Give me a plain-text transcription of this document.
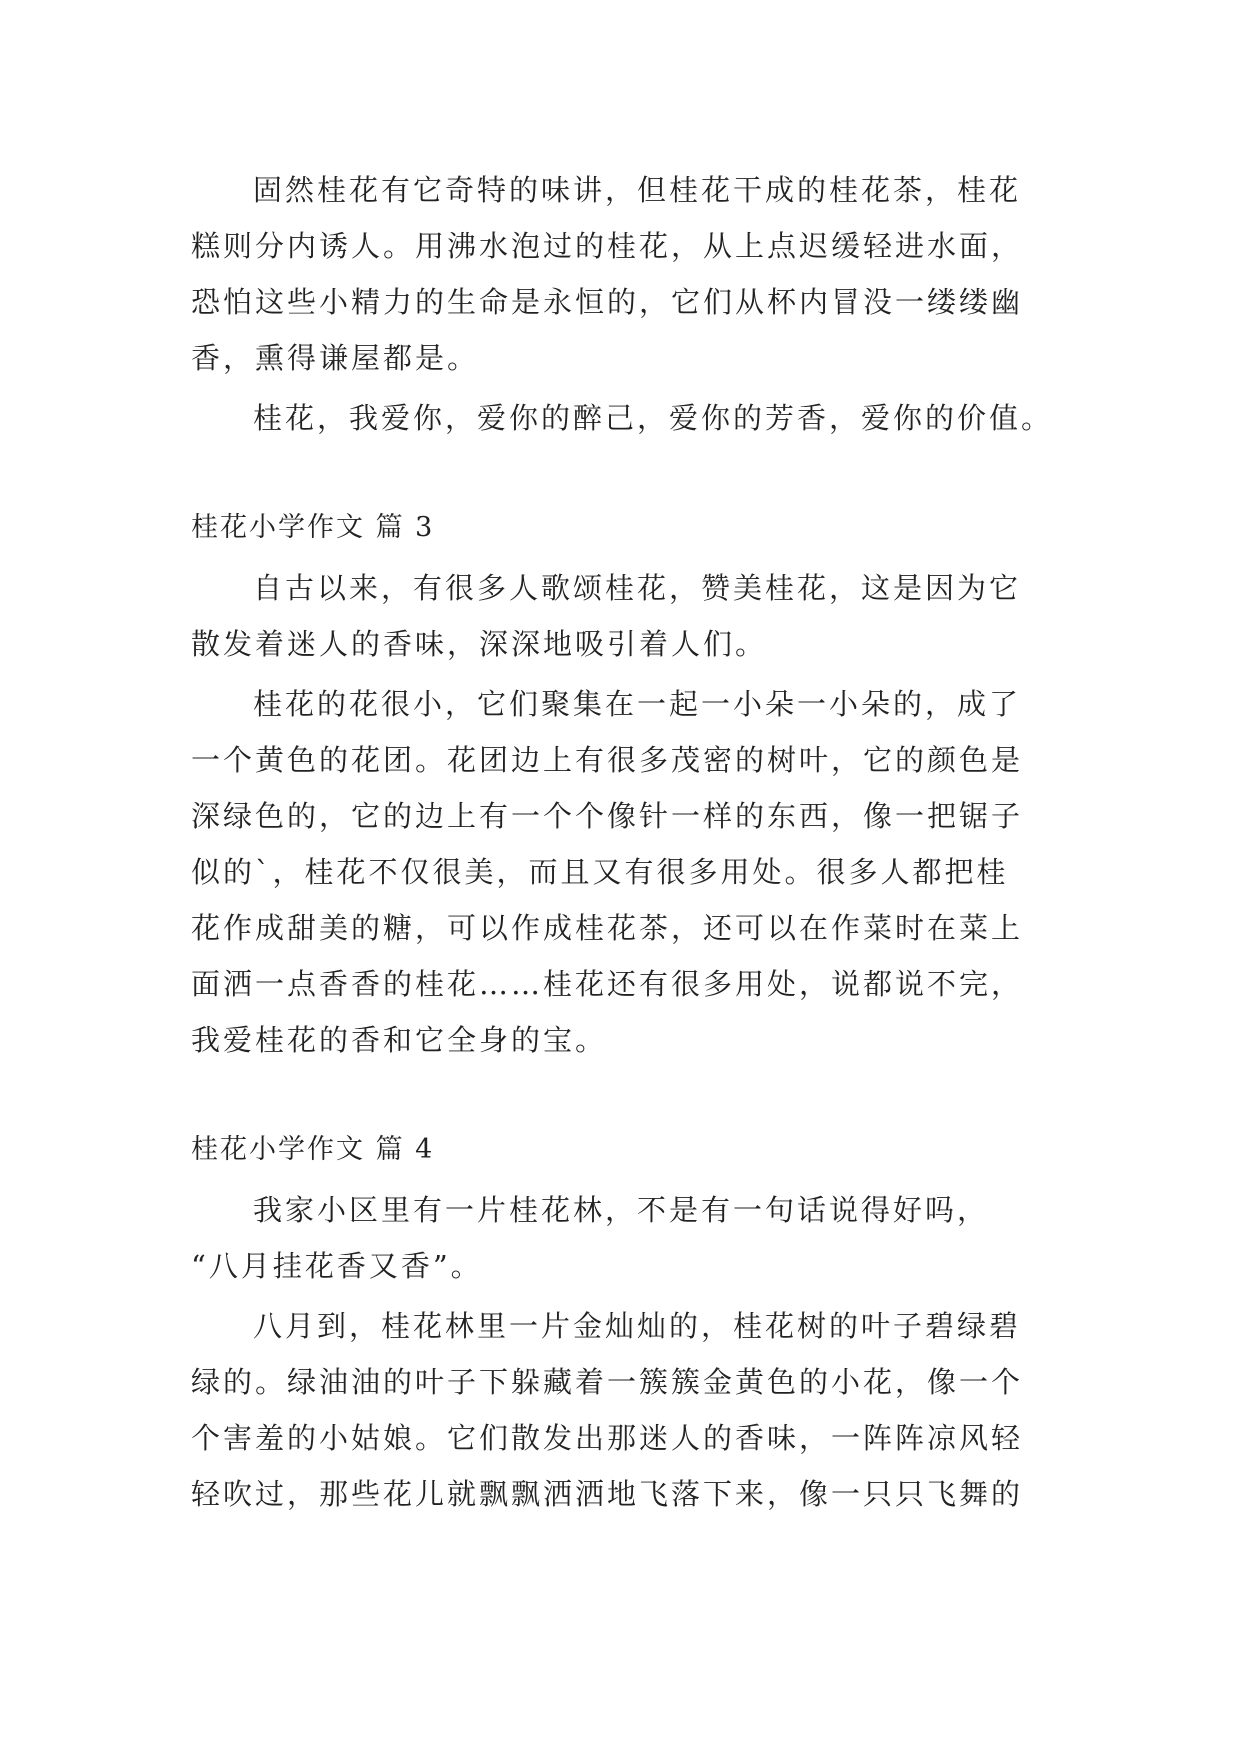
固然桂花有它奇特的味讲，但桂花干成的桂花茶，桂花
糕则分内诱人。用沸水泡过的桂花，从上点迟缓轻进水面，
恐怕这些小精力的生命是永恒的，它们从杯内冒没一缕缕幽
香，熏得谦屋都是。

桂花，我爱你，爱你的醉己，爱你的芳香，爱你的价值。

桂花小学作文 篇 3

自古以来，有很多人歌颂桂花，赞美桂花，这是因为它
散发着迷人的香味，深深地吸引着人们。

桂花的花很小，它们聚集在一起一小朵一小朵的，成了
一个黄色的花团。花团边上有很多茂密的树叶，它的颜色是
深绿色的，它的边上有一个个像针一样的东西，像一把锯子
似的`，桂花不仅很美，而且又有很多用处。很多人都把桂
花作成甜美的糖，可以作成桂花茶，还可以在作菜时在菜上
面洒一点香香的桂花……桂花还有很多用处，说都说不完，
我爱桂花的香和它全身的宝。

桂花小学作文 篇 4

我家小区里有一片桂花林，不是有一句话说得好吗，
“八月挂花香又香”。

八月到，桂花林里一片金灿灿的，桂花树的叶子碧绿碧
绿的。绿油油的叶子下躲藏着一簇簇金黄色的小花，像一个
个害羞的小姑娘。它们散发出那迷人的香味，一阵阵凉风轻
轻吹过，那些花儿就飘飘洒洒地飞落下来，像一只只飞舞的
